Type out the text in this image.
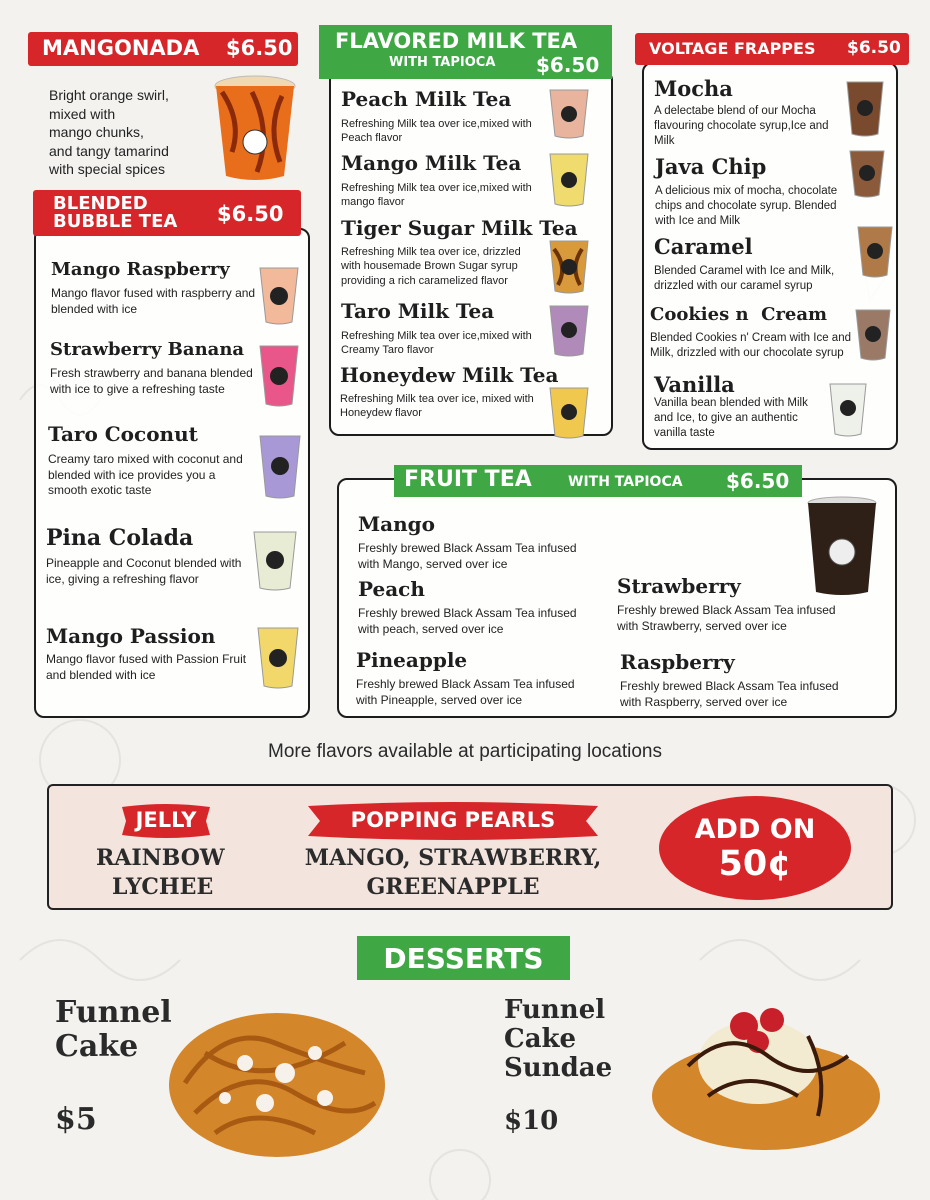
MANGONADA $6.50
Bright orange swirl,
mixed with
mango chunks,
and tangy tamarind
with special spices
BLENDED
BUBBLE TEA $6.50
Mango Raspberry
Mango flavor fused with raspberry and blended with ice
Strawberry Banana
Fresh strawberry and banana blended with ice to give a refreshing taste
Taro Coconut
Creamy taro mixed with coconut and blended with ice provides you a smooth exotic taste
Pina Colada
Pineapple and Coconut blended with ice, giving a refreshing flavor
Mango Passion
Mango flavor fused with Passion Fruit and blended with ice
FLAVORED MILK TEA
WITH TAPIOCA $6.50
Peach Milk Tea
Refreshing Milk tea over ice,mixed with Peach flavor
Mango Milk Tea
Refreshing Milk tea over ice,mixed with mango flavor
Tiger Sugar Milk Tea
Refreshing Milk tea over ice, drizzled with housemade Brown Sugar syrup providing a rich caramelized flavor
Taro Milk Tea
Refreshing Milk tea over ice,mixed with Creamy Taro flavor
Honeydew Milk Tea
Refreshing Milk tea over ice, mixed with Honeydew flavor
VOLTAGE FRAPPES $6.50
Mocha
A delectabe blend of our Mocha flavouring chocolate syrup,Ice and Milk
Java Chip
A delicious mix of mocha, chocolate chips and chocolate syrup. Blended with Ice and Milk
Caramel
Blended Caramel with Ice and Milk, drizzled with our caramel syrup
Cookies n  Cream
Blended Cookies n' Cream with Ice and Milk, drizzled with our chocolate syrup
Vanilla
Vanilla bean blended with Milk and Ice, to give an authentic vanilla taste
FRUIT TEA	WITH TAPIOCA $6.50
Mango
Freshly brewed Black Assam Tea infused with Mango, served over ice
Peach
Freshly brewed Black Assam Tea infused with peach, served over ice
Pineapple
Freshly brewed Black Assam Tea infused with Pineapple, served over ice
Strawberry
Freshly brewed Black Assam Tea infused with Strawberry, served over ice
Raspberry
Freshly brewed Black Assam Tea infused with Raspberry, served over ice
More flavors available at participating locations
JELLY
RAINBOW
LYCHEE
POPPING PEARLS
MANGO, STRAWBERRY,
GREENAPPLE
ADD ON
50¢
DESSERTS
Funnel
Cake
$5
Funnel
Cake
Sundae
$10
